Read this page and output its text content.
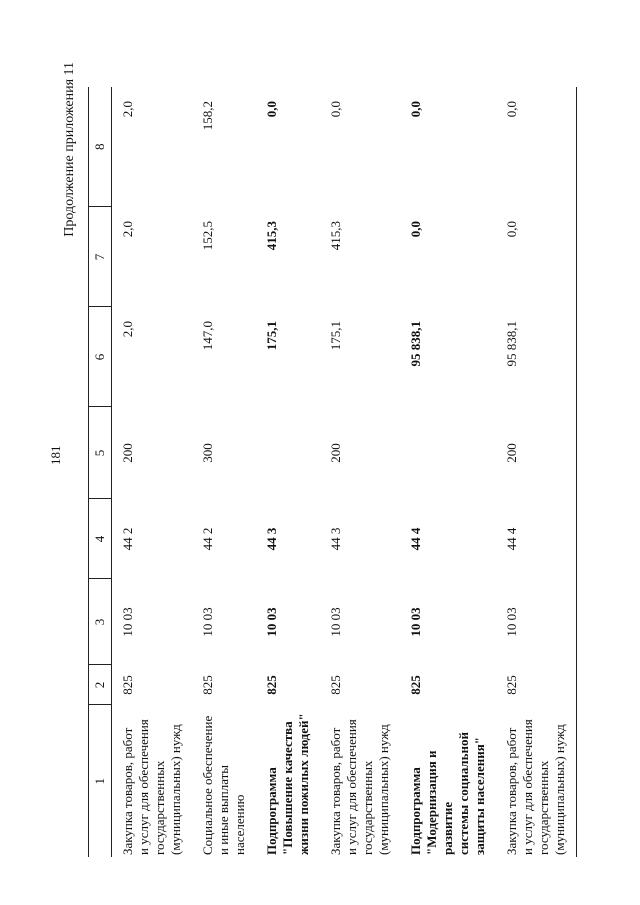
181
Продолжение приложения 11
1	2	3	4	5	6	7	8

Закупка товаров, работ и услуг для обеспечения государственных (муниципальных) нужд	825	10 03	44 2	200	2,0	2,0	2,0

Социальное обеспечение и иные выплаты населению	825	10 03	44 2	300	147,0	152,5	158,2

Подпрограмма "Повышение качества жизни пожилых людей"	825	10 03	44 3		175,1	415,3	0,0

Закупка товаров, работ и услуг для обеспечения государственных (муниципальных) нужд	825	10 03	44 3	200	175,1	415,3	0,0

Подпрограмма "Модернизация и развитие системы социальной защиты населения"	825	10 03	44 4		95 838,1	0,0	0,0

Закупка товаров, работ и услуг для обеспечения государственных (муниципальных) нужд	825	10 03	44 4	200	95 838,1	0,0	0,0
